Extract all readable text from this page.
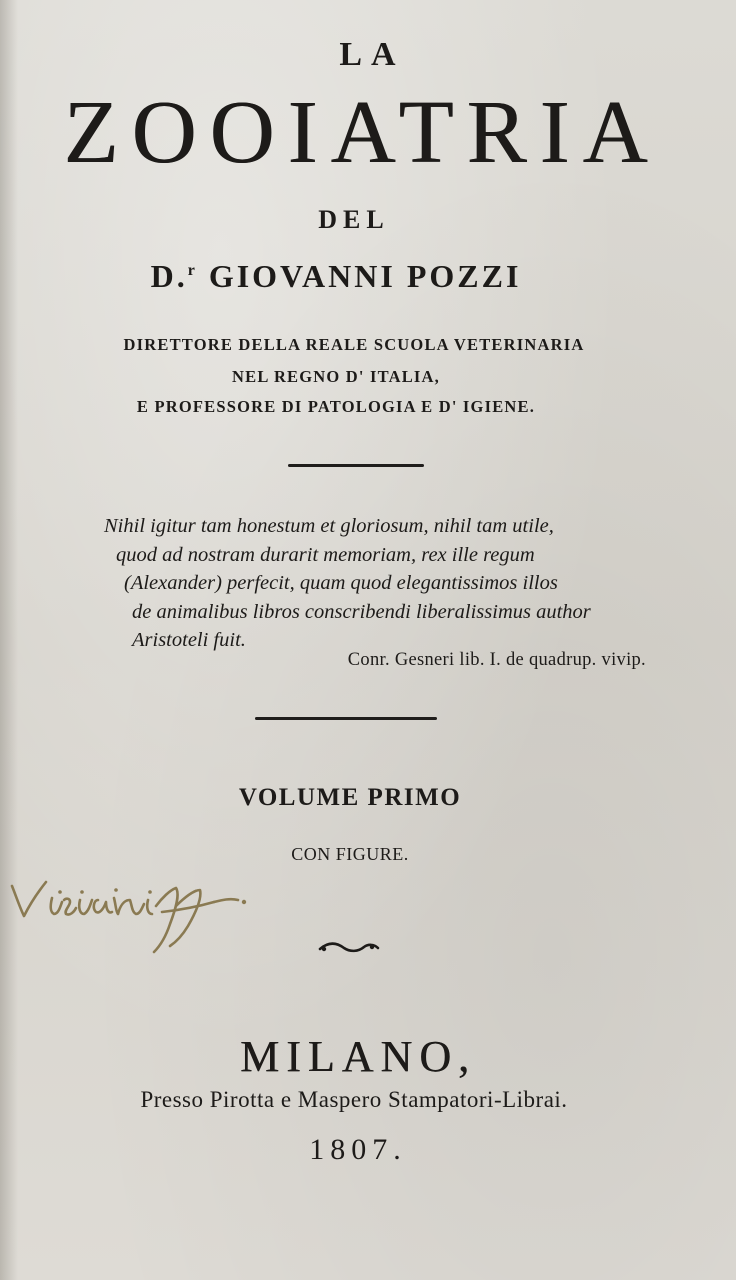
LA
ZOOIATRIA
DEL
D.$^r$ GIOVANNI POZZI
DIRETTORE DELLA REALE SCUOLA VETERINARIA
NEL REGNO D' ITALIA,
E PROFESSORE DI PATOLOGIA E D' IGIENE.
Nihil igitur tam honestum et gloriosum, nihil tam utile,
quod ad nostram durarit memoriam, rex ille regum
(Alexander) perfecit, quam quod elegantissimos illos
de animalibus libros conscribendi liberalissimus author
Aristoteli fuit.
Conr. Gesneri lib. I. de quadrup. vivip.
VOLUME PRIMO
CON FIGURE.
MILANO,
Presso Pirotta e Maspero Stampatori-Librai.
1807.
